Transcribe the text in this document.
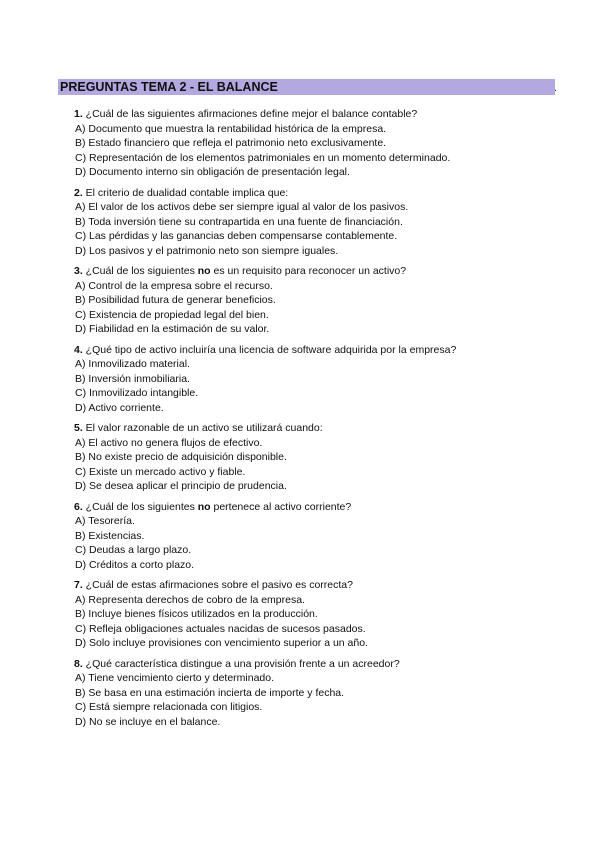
PREGUNTAS TEMA 2 - EL BALANCE	.
1. ¿Cuál de las siguientes afirmaciones define mejor el balance contable?
A) Documento que muestra la rentabilidad histórica de la empresa.
B) Estado financiero que refleja el patrimonio neto exclusivamente.
C) Representación de los elementos patrimoniales en un momento determinado.
D) Documento interno sin obligación de presentación legal.
2. El criterio de dualidad contable implica que:
A) El valor de los activos debe ser siempre igual al valor de los pasivos.
B) Toda inversión tiene su contrapartida en una fuente de financiación.
C) Las pérdidas y las ganancias deben compensarse contablemente.
D) Los pasivos y el patrimonio neto son siempre iguales.
3. ¿Cuál de los siguientes no es un requisito para reconocer un activo?
A) Control de la empresa sobre el recurso.
B) Posibilidad futura de generar beneficios.
C) Existencia de propiedad legal del bien.
D) Fiabilidad en la estimación de su valor.
4. ¿Qué tipo de activo incluiría una licencia de software adquirida por la empresa?
A) Inmovilizado material.
B) Inversión inmobiliaria.
C) Inmovilizado intangible.
D) Activo corriente.
5. El valor razonable de un activo se utilizará cuando:
A) El activo no genera flujos de efectivo.
B) No existe precio de adquisición disponible.
C) Existe un mercado activo y fiable.
D) Se desea aplicar el principio de prudencia.
6. ¿Cuál de los siguientes no pertenece al activo corriente?
A) Tesorería.
B) Existencias.
C) Deudas a largo plazo.
D) Créditos a corto plazo.
7. ¿Cuál de estas afirmaciones sobre el pasivo es correcta?
A) Representa derechos de cobro de la empresa.
B) Incluye bienes físicos utilizados en la producción.
C) Refleja obligaciones actuales nacidas de sucesos pasados.
D) Solo incluye provisiones con vencimiento superior a un año.
8. ¿Qué característica distingue a una provisión frente a un acreedor?
A) Tiene vencimiento cierto y determinado.
B) Se basa en una estimación incierta de importe y fecha.
C) Está siempre relacionada con litigios.
D) No se incluye en el balance.
